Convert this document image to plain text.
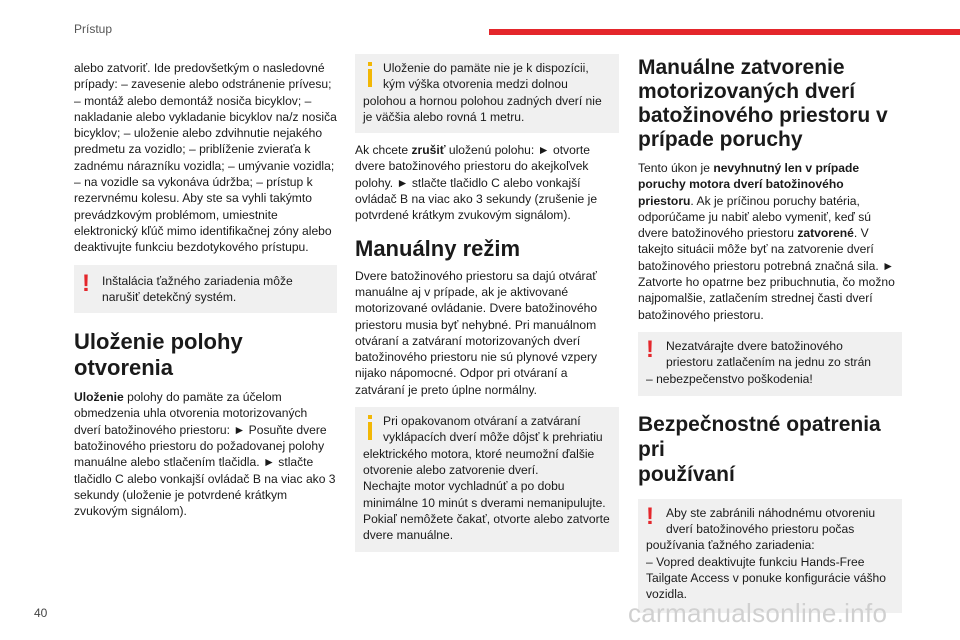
Prístup

alebo zatvoriť. Ide predovšetkým o nasledovné prípady: – zavesenie alebo odstránenie prívesu; – montáž alebo demontáž nosiča bicyklov; – nakladanie alebo vykladanie bicyklov na/z nosiča bicyklov; – uloženie alebo zdvihnutie nejakého predmetu za vozidlo; – priblíženie zvieraťa k zadnému nárazníku vozidla; – umývanie vozidla; – na vozidle sa vykonáva údržba; – prístup k rezervnému kolesu. Aby ste sa vyhli takýmto prevádzkovým problémom, umiestnite elektronický kľúč mimo identifikačnej zóny alebo deaktivujte funkciu bezdotykového prístupu.

! Inštalácia ťažného zariadenia môže
narušiť detekčný systém.
Uloženie polohy otvorenia

Uloženie polohy do pamäte za účelom obmedzenia uhla otvorenia motorizovaných dverí batožinového priestoru: ► Posuňte dvere batožinového priestoru do požadovanej polohy manuálne alebo stlačením tlačidla. ► stlačte tlačidlo C alebo vonkajší ovládač B na viac ako 3 sekundy (uloženie je potvrdené krátkym zvukovým signálom).

Uloženie do pamäte nie je k dispozícii,
kým výška otvorenia medzi dolnou
polohou a hornou polohou zadných dverí nie
je väčšia alebo rovná 1 metru.

Ak chcete zrušiť uloženú polohu: ► otvorte dvere batožinového priestoru do akejkoľvek polohy. ► stlačte tlačidlo C alebo vonkajší ovládač B na viac ako 3 sekundy (zrušenie je potvrdené krátkym zvukovým signálom).

Manuálny režim

Dvere batožinového priestoru sa dajú otvárať manuálne aj v prípade, ak je aktivované motorizované ovládanie. Dvere batožinového priestoru musia byť nehybné. Pri manuálnom otváraní a zatváraní motorizovaných dverí batožinového priestoru nie sú plynové vzpery nijako nápomocné. Odpor pri otváraní a zatváraní je preto úplne normálny.

Pri opakovanom otváraní a zatváraní
vyklápacích dverí môže dôjsť k prehriatiu
elektrického motora, ktoré neumožní ďalšie
otvorenie alebo zatvorenie dverí.
Nechajte motor vychladnúť a po dobu
minimálne 10 minút s dverami nemanipulujte.
Pokiaľ nemôžete čakať, otvorte alebo zatvorte
dvere manuálne.
Manuálne zatvorenie
motorizovaných dverí
batožinového priestoru v
prípade poruchy

Tento úkon je nevyhnutný len v prípade poruchy motora dverí batožinového priestoru. Ak je príčinou poruchy batéria, odporúčame ju nabiť alebo vymeniť, keď sú dvere batožinového priestoru zatvorené. V takejto situácii môže byť na zatvorenie dverí batožinového priestoru potrebná značná sila. ► Zatvorte ho opatrne bez pribuchnutia, čo možno najpomalšie, zatlačením strednej časti dverí batožinového priestoru.

! Nezatvárajte dvere batožinového
priestoru zatlačením na jednu zo strán
– nebezpečenstvo poškodenia!
Bezpečnostné opatrenia pri
používaní
! Aby ste zabránili náhodnému otvoreniu
dverí batožinového priestoru počas
používania ťažného zariadenia:
– Vopred deaktivujte funkciu Hands-Free
Tailgate Access v ponuke konfigurácie vášho
vozidla.
40	carmanualsonline.info
